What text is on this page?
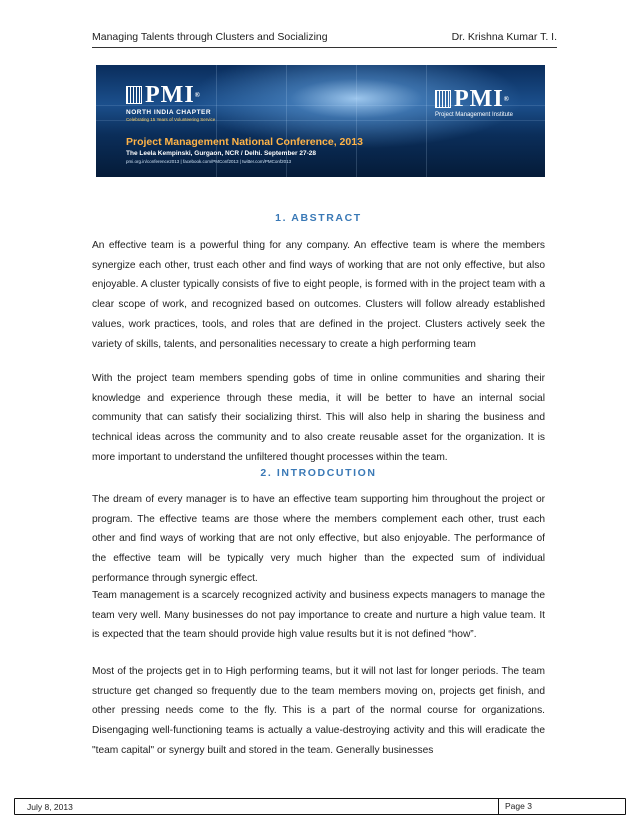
Managing Talents through Clusters and Socializing	Dr. Krishna Kumar T. I.
PMI®
NORTH INDIA CHAPTER
Celebrating 15 Years of Volunteering Service
PMI®
Project Management Institute
Project Management National Conference, 2013
The Leela Kempinski, Gurgaon, NCR / Delhi. September 27-28
pmi.org.in/conference2013 | facebook.com/PMConf2013 | twitter.com/PMConf2013
1. ABSTRACT

An effective team is a powerful thing for any company. An effective team is where the members synergize each other, trust each other and find ways of working that are not only effective, but also enjoyable. A cluster typically consists of five to eight people, is formed with in the project team with a clear scope of work, and recognized based on outcomes. Clusters will follow already established values, work practices, tools, and roles that are defined in the project. Clusters actively seek the variety of skills, talents, and personalities necessary to create a high performing team

With the project team members spending gobs of time in online communities and sharing their knowledge and experience through these media, it will be better to have an internal social community that can satisfy their socializing thirst. This will also help in sharing the business and technical ideas across the community and to also create reusable asset for the organization. It is more important to understand the unfiltered thought processes within the team.

2. INTRODCUTION

The dream of every manager is to have an effective team supporting him throughout the project or program. The effective teams are those where the members complement each other, trust each other and find ways of working that are not only effective, but also enjoyable. The performance of the effective team will be typically very much higher than the expected sum of individual performance through synergic effect.

Team management is a scarcely recognized activity and business expects managers to manage the team very well. Many businesses do not pay importance to create and nurture a high value team. It is expected that the team should provide high value results but it is not defined “how”.

Most of the projects get in to High performing teams, but it will not last for longer periods. The team structure get changed so frequently due to the team members moving on, projects get finish, and other pressing needs come to the fly. This is a part of the normal course for organizations. Disengaging well-functioning teams is actually a value-destroying activity and this will eradicate the "team capital" or synergy built and stored in the team. Generally businesses

July 8, 2013	Page 3
